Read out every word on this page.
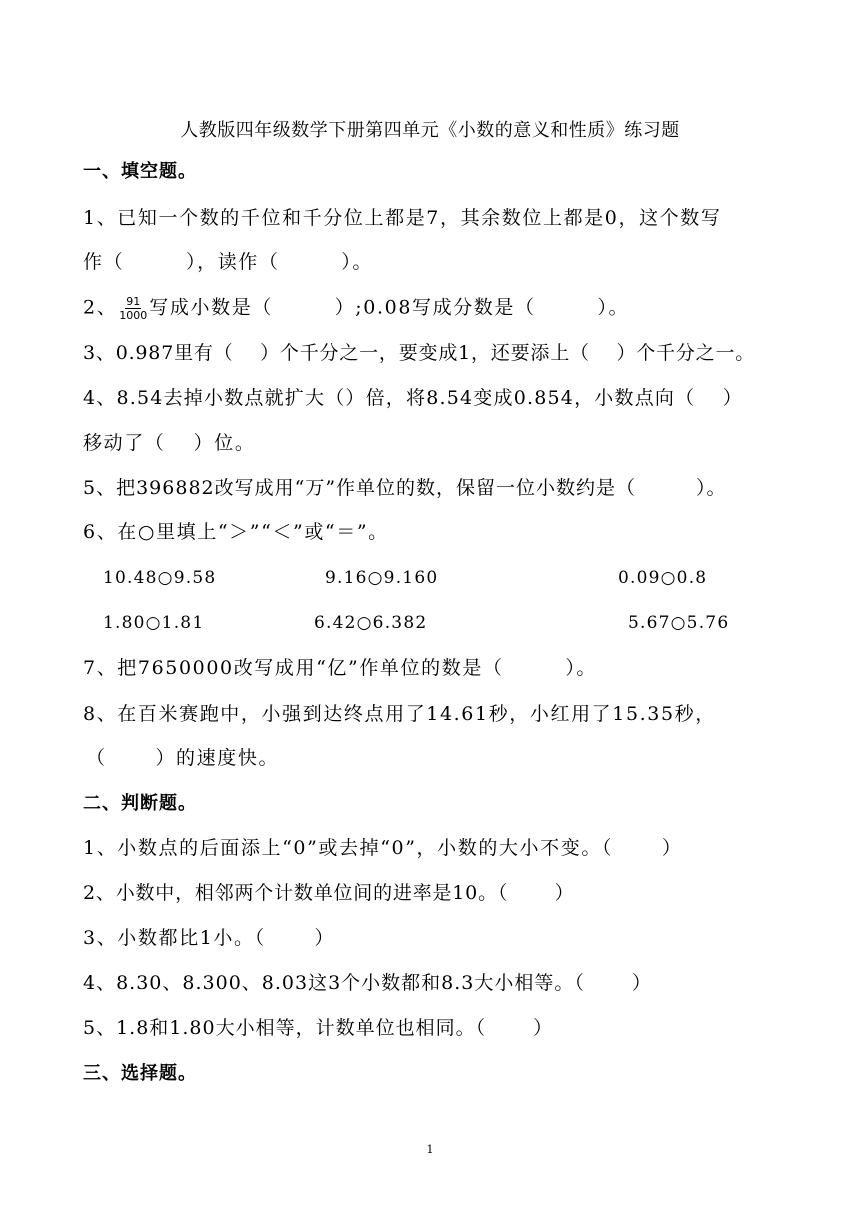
人教版四年级数学下册第四单元《小数的意义和性质》练习题
一、填空题。
1、已知一个数的千位和千分位上都是7，其余数位上都是0，这个数写
作（　　　），读作（　　　）。
2、 $\frac{91}{1000}$ 写成小数是（　　　）;0.08写成分数是（　　　）。
3、0.987里有（　 ）个千分之一，要变成1，还要添上（　 ）个千分之一。
4、8.54去掉小数点就扩大（）倍，将8.54变成0.854，小数点向（　 ）
移动了（　 ）位。
5、把396882改写成用“万”作单位的数，保留一位小数约是（　　　）。
6、在○里填上“＞”“＜”或“＝”。
10.48○9.58	9.16○9.160	0.09○0.8
1.80○1.81	6.42○6.382	5.67○5.76
7、把7650000改写成用“亿”作单位的数是（　　　）。
8、在百米赛跑中，小强到达终点用了14.61秒，小红用了15.35秒，
（　　 ）的速度快。
二、判断题。
1、小数点的后面添上“0”或去掉“0”，小数的大小不变。（　　 ）
2、小数中，相邻两个计数单位间的进率是10。（　　 ）
3、小数都比1小。（　　 ）
4、8.30、8.300、8.03这3个小数都和8.3大小相等。（　　 ）
5、1.8和1.80大小相等，计数单位也相同。（　　 ）
三、选择题。
1
